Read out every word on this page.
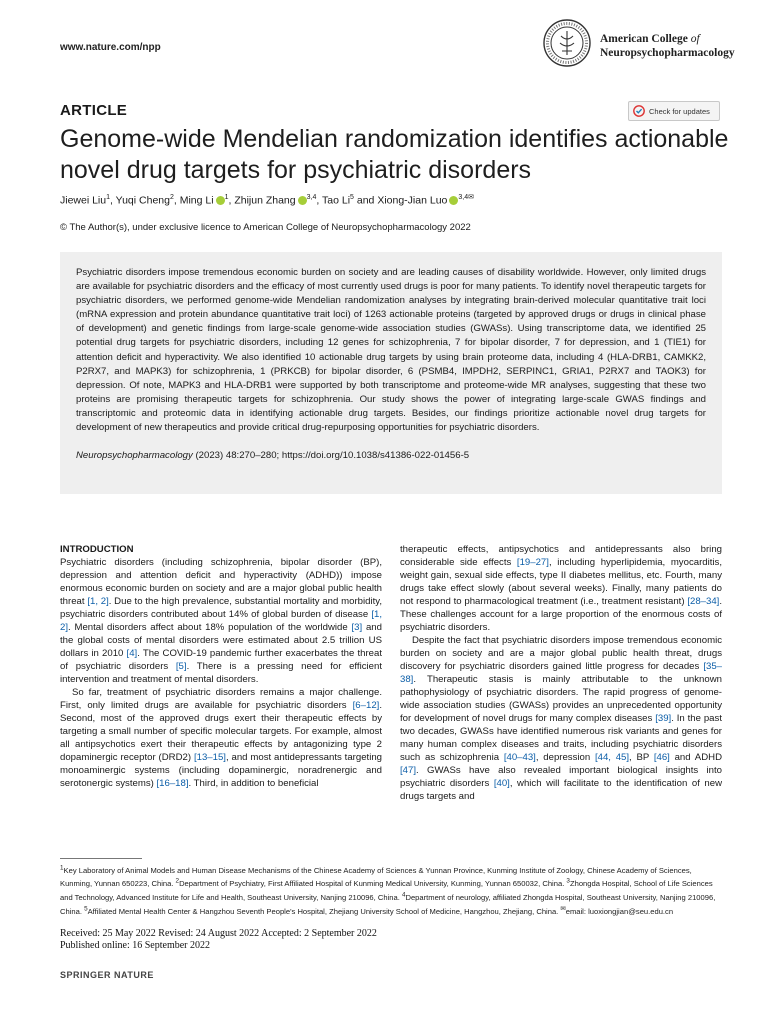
www.nature.com/npp
American College of
Neuropsychopharmacology
ARTICLE	Check for updates
Genome-wide Mendelian randomization identifies actionable novel drug targets for psychiatric disorders
Jiewei Liu$^1$, Yuqi Cheng$^2$, Ming Li $^1$, Zhijun Zhang $^{3,4}$, Tao Li$^5$ and Xiong-Jian Luo $^{3,4✉}$
© The Author(s), under exclusive licence to American College of Neuropsychopharmacology 2022

Psychiatric disorders impose tremendous economic burden on society and are leading causes of disability worldwide. However, only limited drugs are available for psychiatric disorders and the efficacy of most currently used drugs is poor for many patients. To identify novel therapeutic targets for psychiatric disorders, we performed genome-wide Mendelian randomization analyses by integrating brain-derived molecular quantitative trait loci (mRNA expression and protein abundance quantitative trait loci) of 1263 actionable proteins (targeted by approved drugs or drugs in clinical phase of development) and genetic findings from large-scale genome-wide association studies (GWASs). Using transcriptome data, we identified 25 potential drug targets for psychiatric disorders, including 12 genes for schizophrenia, 7 for bipolar disorder, 7 for depression, and 1 (TIE1) for attention deficit and hyperactivity. We also identified 10 actionable drug targets by using brain proteome data, including 4 (HLA-DRB1, CAMKK2, P2RX7, and MAPK3) for schizophrenia, 1 (PRKCB) for bipolar disorder, 6 (PSMB4, IMPDH2, SERPINC1, GRIA1, P2RX7 and TAOK3) for depression. Of note, MAPK3 and HLA-DRB1 were supported by both transcriptome and proteome-wide MR analyses, suggesting that these two proteins are promising therapeutic targets for schizophrenia. Our study shows the power of integrating large-scale GWAS findings and transcriptomic and proteomic data in identifying actionable drug targets. Besides, our findings prioritize actionable novel drug targets for development of new therapeutics and provide critical drug-repurposing opportunities for psychiatric disorders.

Neuropsychopharmacology (2023) 48:270–280; https://doi.org/10.1038/s41386-022-01456-5

INTRODUCTION

Psychiatric disorders (including schizophrenia, bipolar disorder (BP), depression and attention deficit and hyperactivity (ADHD)) impose enormous economic burden on society and are a major global public health threat [1, 2]. Due to the high prevalence, substantial mortality and morbidity, psychiatric disorders contributed about 14% of global burden of disease [1, 2]. Mental disorders affect about 18% population of the worldwide [3] and the global costs of mental disorders were estimated about 2.5 trillion US dollars in 2010 [4]. The COVID-19 pandemic further exacerbates the threat of psychiatric disorders [5]. There is a pressing need for efficient intervention and treatment of mental disorders.

So far, treatment of psychiatric disorders remains a major challenge. First, only limited drugs are available for psychiatric disorders [6–12]. Second, most of the approved drugs exert their therapeutic effects by targeting a small number of specific molecular targets. For example, almost all antipsychotics exert their therapeutic effects by antagonizing type 2 dopaminergic receptor (DRD2) [13–15], and most antidepressants targeting monoaminergic systems (including dopaminergic, noradrenergic and serotonergic systems) [16–18]. Third, in addition to beneficial

therapeutic effects, antipsychotics and antidepressants also bring considerable side effects [19–27], including hyperlipidemia, myocarditis, weight gain, sexual side effects, type II diabetes mellitus, etc. Fourth, many drugs take effect slowly (about several weeks). Finally, many patients do not respond to pharmacological treatment (i.e., treatment resistant) [28–34]. These challenges account for a large proportion of the enormous costs of psychiatric disorders.

Despite the fact that psychiatric disorders impose tremendous economic burden on society and are a major global public health threat, drugs discovery for psychiatric disorders gained little progress for decades [35–38]. Therapeutic stasis is mainly attributable to the unknown pathophysiology of psychiatric disorders. The rapid progress of genome-wide association studies (GWASs) provides an unprecedented opportunity for development of novel drugs for many complex diseases [39]. In the past two decades, GWASs have identified numerous risk variants and genes for many human complex diseases and traits, including psychiatric disorders such as schizophrenia [40–43], depression [44, 45], BP [46] and ADHD [47]. GWASs have also revealed important biological insights into psychiatric disorders [40], which will facilitate to the identification of new drugs targets and

$^1$Key Laboratory of Animal Models and Human Disease Mechanisms of the Chinese Academy of Sciences & Yunnan Province, Kunming Institute of Zoology, Chinese Academy of Sciences, Kunming, Yunnan 650223, China. $^2$Department of Psychiatry, First Affiliated Hospital of Kunming Medical University, Kunming, Yunnan 650032, China. $^3$Zhongda Hospital, School of Life Sciences and Technology, Advanced Institute for Life and Health, Southeast University, Nanjing 210096, China. $^4$Department of neurology, affiliated Zhongda Hospital, Southeast University, Nanjing 210096, China. $^5$Affiliated Mental Health Center & Hangzhou Seventh People's Hospital, Zhejiang University School of Medicine, Hangzhou, Zhejiang, China. ✉email: luoxiongjian@seu.edu.cn
Received: 25 May 2022 Revised: 24 August 2022 Accepted: 2 September 2022
Published online: 16 September 2022
SPRINGER NATURE
